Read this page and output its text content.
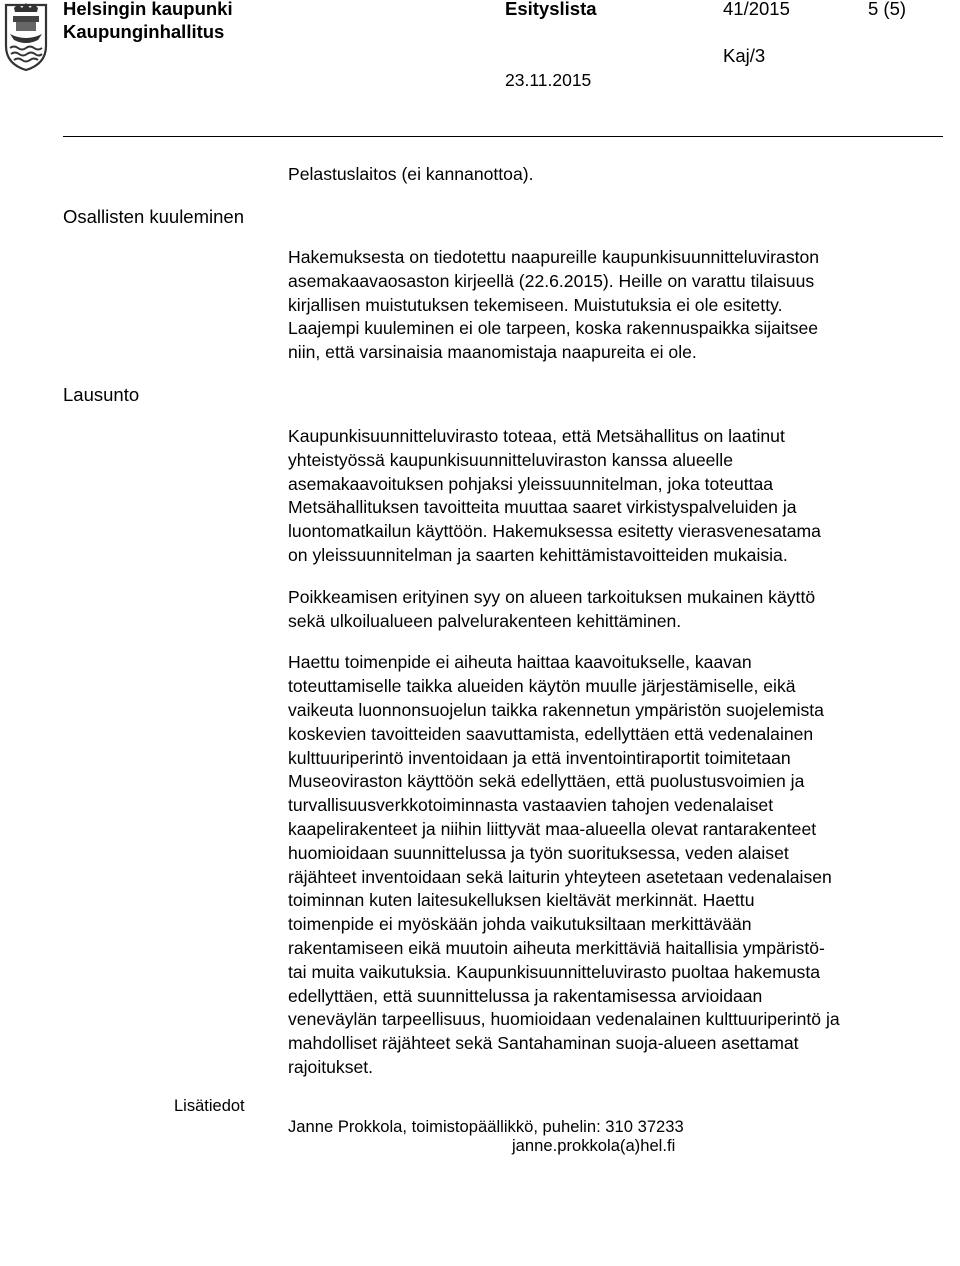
Helsingin kaupunki
Kaupunginhallitus
Esityslista	41/2015	5 (5)
Kaj/3
23.11.2015
Osallisten kuuleminen
Lausunto
Lisätiedot

Pelastuslaitos (ei kannanottoa).

Hakemuksesta on tiedotettu naapureille kaupunkisuunnitteluviraston

asemakaavaosaston kirjeellä (22.6.2015). Heille on varattu tilaisuus

kirjallisen muistutuksen tekemiseen. Muistutuksia ei ole esitetty.

Laajempi kuuleminen ei ole tarpeen, koska rakennuspaikka sijaitsee

niin, että varsinaisia maanomistaja naapureita ei ole.

Kaupunkisuunnitteluvirasto toteaa, että Metsähallitus on laatinut

yhteistyössä kaupunkisuunnitteluviraston kanssa alueelle

asemakaavoituksen pohjaksi yleissuunnitelman, joka toteuttaa

Metsähallituksen tavoitteita muuttaa saaret virkistyspalveluiden ja

luontomatkailun käyttöön. Hakemuksessa esitetty vierasvenesatama

on yleissuunnitelman ja saarten kehittämistavoitteiden mukaisia.

Poikkeamisen erityinen syy on alueen tarkoituksen mukainen käyttö

sekä ulkoilualueen palvelurakenteen kehittäminen.

Haettu toimenpide ei aiheuta haittaa kaavoitukselle, kaavan

toteuttamiselle taikka alueiden käytön muulle järjestämiselle, eikä

vaikeuta luonnonsuojelun taikka rakennetun ympäristön suojelemista

koskevien tavoitteiden saavuttamista, edellyttäen että vedenalainen

kulttuuriperintö inventoidaan ja että inventointiraportit toimitetaan

Museoviraston käyttöön sekä edellyttäen, että puolustusvoimien ja

turvallisuusverkkotoiminnasta vastaavien tahojen vedenalaiset

kaapelirakenteet ja niihin liittyvät maa-alueella olevat rantarakenteet

huomioidaan suunnittelussa ja työn suorituksessa, veden alaiset

räjähteet inventoidaan sekä laiturin yhteyteen asetetaan vedenalaisen

toiminnan kuten laitesukelluksen kieltävät merkinnät. Haettu

toimenpide ei myöskään johda vaikutuksiltaan merkittävään

rakentamiseen eikä muutoin aiheuta merkittäviä haitallisia ympäristö-

tai muita vaikutuksia. Kaupunkisuunnitteluvirasto puoltaa hakemusta

edellyttäen, että suunnittelussa ja rakentamisessa arvioidaan

veneväylän tarpeellisuus, huomioidaan vedenalainen kulttuuriperintö ja

mahdolliset räjähteet sekä Santahaminan suoja-alueen asettamat

rajoitukset.

Janne Prokkola, toimistopäällikkö, puhelin: 310 37233
janne.prokkola(a)hel.fi
